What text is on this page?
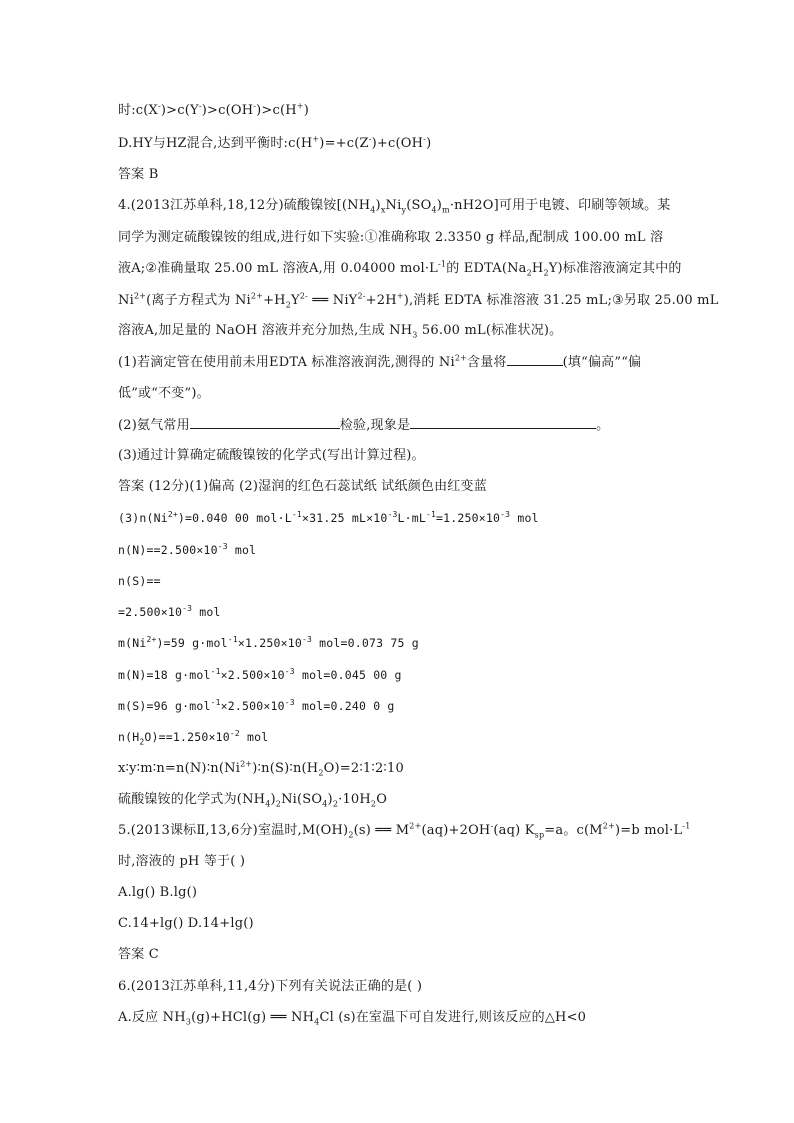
时:c(X-)>c(Y-)>c(OH-)>c(H+)
D.HY与HZ混合,达到平衡时:c(H+)=+c(Z-)+c(OH-)
答案 B
4.(2013江苏单科,18,12分)硫酸镍铵$[(NH_4)_xNi_y(SO_4)_m\cdot nH2O]$可用于电镀、印刷等领域。某
同学为测定硫酸镍铵的组成,进行如下实验:①准确称取 2.3350 g 样品,配制成 100.00 mL 溶
液A;②准确量取 25.00 mL 溶液A,用 0.04000 $mol\cdot L^{-1}$的 $EDTA(Na_2H_2Y)$标准溶液滴定其中的
$Ni^{2+}$(离子方程式为 $Ni^{2+}+H_2Y^{2-}$ ══ NiY$^{2-}$+2H+),消耗 EDTA 标准溶液 31.25 mL;③另取 25.00 mL
溶液A,加足量的 NaOH 溶液并充分加热,生成 $NH_3$ 56.00 mL(标准状况)。
(1)若滴定管在使用前未用EDTA 标准溶液润洗,测得的 $Ni^{2+}$含量将	(填“偏高”“偏
低”或“不变”)。
(2)氨气常用	检验,现象是	。
(3)通过计算确定硫酸镍铵的化学式(写出计算过程)。
答案 (12分)(1)偏高 (2)湿润的红色石蕊试纸 试纸颜色由红变蓝
$(3)n(Ni^{2+})=0.040$ 00 $mol\cdot L^{-1}\times 31.25$ $mL\times 10^{-3}L\cdot mL^{-1}=1.250\times 10^{-3}$ mol
$n(N)==2.500\times 10^{-3}$ mol
n(S)==
$=2.500\times 10^{-3}$ mol
$m(Ni^{2+})=59$ $g\cdot mol^{-1}\times 1.250\times 10^{-3}$ mol=0.073 75 g
m(N)=18 $g\cdot mol^{-1}\times 2.500\times 10^{-3}$ mol=0.045 00 g
m(S)=96 $g\cdot mol^{-1}\times 2.500\times 10^{-3}$ mol=0.240 0 g
$n(H_2O)==1.250\times 10^{-2}$ mol
$x∶y∶m∶n=n(N)∶n(Ni^{2+})∶n(S)∶n(H_2O)=2∶1∶2∶10$
硫酸镍铵的化学式为$(NH_4)_2Ni(SO_4)_2\cdot 10H_2O$
5.(2013课标Ⅱ,13,6分)室温时$,M(OH)_2(s)$ ══ $M^{2+}(aq)+2OH^-(aq)$ $K_{sp}=a$。$c(M^{2+})=b$ $mol\cdot L^{-1}$
时,溶液的 pH 等于( )
A.lg() B.lg()
C.14+lg() D.14+lg()
答案 C
6.(2013江苏单科,11,4分)下列有关说法正确的是( )
A.反应 $NH_3(g)+HCl(g)$ ══ $NH_4Cl$ (s)在室温下可自发进行,则该反应的△H<0
